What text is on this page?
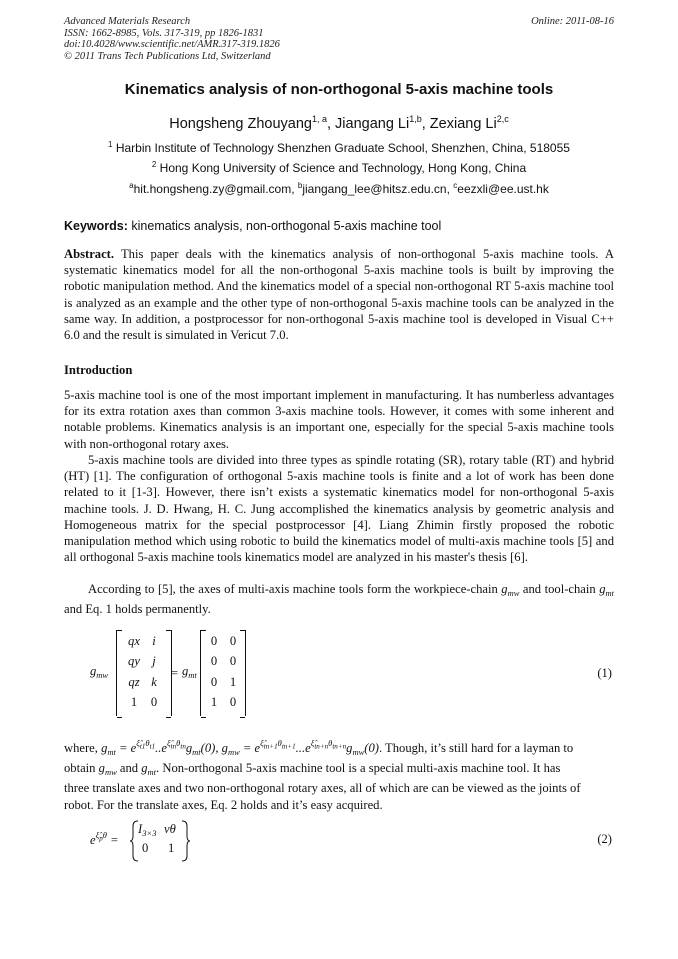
Advanced Materials Research
ISSN: 1662-8985, Vols. 317-319, pp 1826-1831
doi:10.4028/www.scientific.net/AMR.317-319.1826
© 2011 Trans Tech Publications Ltd, Switzerland
Online: 2011-08-16
Kinematics analysis of non-orthogonal 5-axis machine tools
Hongsheng Zhouyang$^{1, a}$, Jiangang Li$^{1,b}$, Zexiang Li$^{2,c}$
$^1$ Harbin Institute of Technology Shenzhen Graduate School, Shenzhen, China, 518055
$^2$ Hong Kong University of Science and Technology, Hong Kong, China
$^a$hit.hongsheng.zy@gmail.com, $^b$jiangang_lee@hitsz.edu.cn, $^c$eezxli@ee.ust.hk
Keywords: kinematics analysis, non-orthogonal 5-axis machine tool
Abstract. This paper deals with the kinematics analysis of non-orthogonal 5-axis machine tools. A systematic kinematics model for all the non-orthogonal 5-axis machine tools is built by improving the robotic manipulation method. And the kinematics model of a special non-orthogonal RT 5-axis machine tool is analyzed as an example and the other type of non-orthogonal 5-axis machine tools can be analyzed in the same way. In addition, a postprocessor for non-orthogonal 5-axis machine tool is developed in Visual C++ 6.0 and the result is simulated in Vericut 7.0.
Introduction
5-axis machine tool is one of the most important implement in manufacturing. It has numberless advantages for its extra rotation axes than common 3-axis machine tools. However, it comes with some inherent and notable problems. Kinematics analysis is an important one, especially for the special 5-axis machine tools with non-orthogonal rotary axes.
5-axis machine tools are divided into three types as spindle rotating (SR), rotary table (RT) and hybrid (HT) [1]. The configuration of orthogonal 5-axis machine tools is finite and a lot of work has been done related to it [1-3]. However, there isn’t exists a systematic kinematics model for non-orthogonal 5-axis machine tools. J. D. Hwang, H. C. Jung accomplished the kinematics analysis by geometric analysis and Homogeneous matrix for the special postprocessor [4]. Liang Zhimin firstly proposed the robotic manipulation method which using robotic to build the kinematics model of multi-axis machine tools [5] and all orthogonal 5-axis machine tools kinematics model are analyzed in his master's thesis [6].
According to [5], the axes of multi-axis machine tools form the workpiece-chain $g_{mw}$ and tool-chain $g_{mt}$ and Eq. 1 holds permanently.
$g_{mw}$
qx i
qy j
qz k
1	0
= $g_{mt}$
0	0
0	0
0	1
1	0
(1)
where, $g_{mt} = e^{\xî_{t1}\theta_{t1}}..e^{\xî_{tn}\theta_{tn}}g_{mt}(0)$, $g_{mw} = e^{\xî_{tn+1}\theta_{tn+1}}...e^{\xî_{tn+n}\theta_{tn+n}}g_{mw}(0)$. Though, it’s still hard for a layman to
obtain $g_{mw}$ and $g_{mt}$. Non-orthogonal 5-axis machine tool is a special multi-axis machine tool. It has
three translate axes and two non-orthogonal rotary axes, all of which are can be viewed as the joints of
robot. For the translate axes, Eq. 2 holds and it’s easy acquired.
$e^{\xî_p\theta}$ =
$I_{3\times 3}$ vθ
0 1
(2)
